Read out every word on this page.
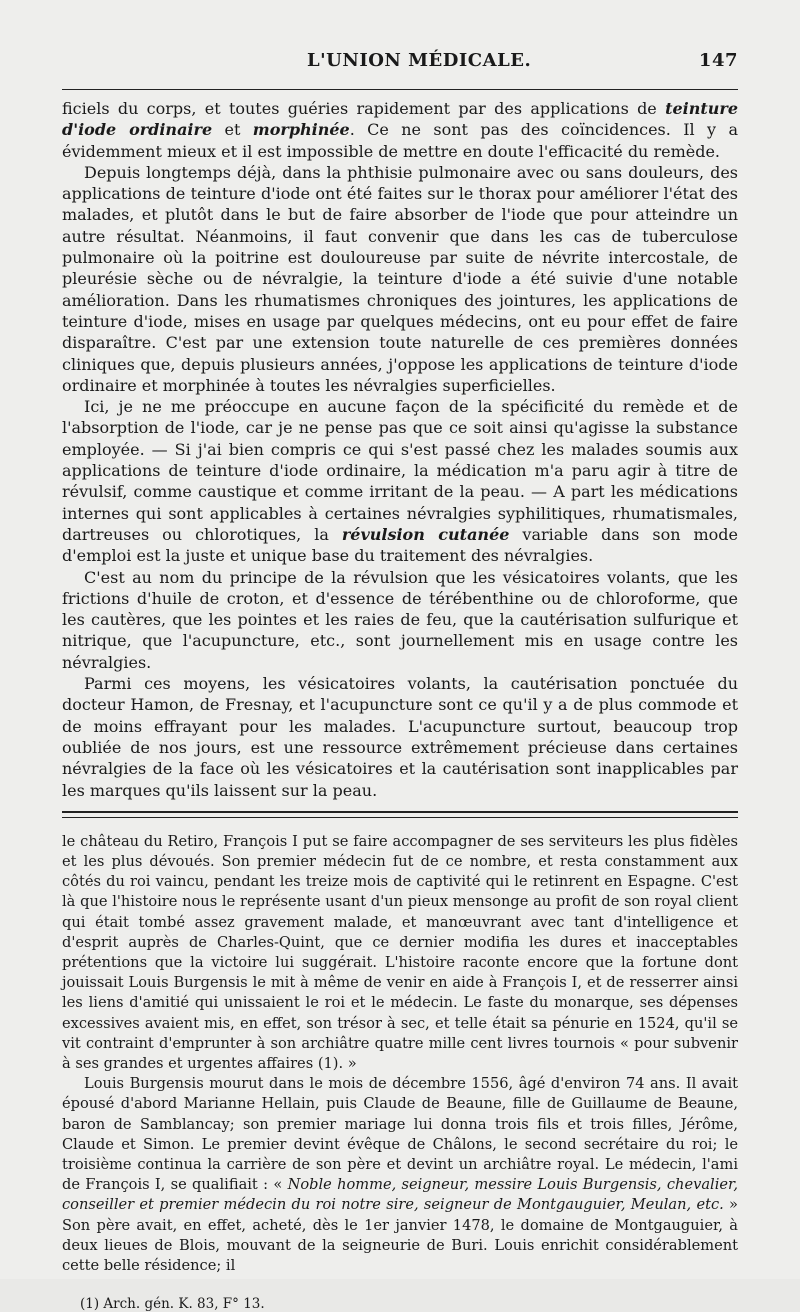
L'UNION MÉDICALE.	147

ficiels du corps, et toutes guéries rapidement par des applications de teinture d'iode ordinaire et morphinée. Ce ne sont pas des coïncidences. Il y a évidemment mieux et il est impossible de mettre en doute l'efficacité du remède.

Depuis longtemps déjà, dans la phthisie pulmonaire avec ou sans douleurs, des applications de teinture d'iode ont été faites sur le thorax pour améliorer l'état des malades, et plutôt dans le but de faire absorber de l'iode que pour atteindre un autre résultat. Néanmoins, il faut convenir que dans les cas de tuberculose pulmonaire où la poitrine est douloureuse par suite de névrite intercostale, de pleurésie sèche ou de névralgie, la teinture d'iode a été suivie d'une notable amélioration. Dans les rhumatismes chroniques des jointures, les applications de teinture d'iode, mises en usage par quelques médecins, ont eu pour effet de faire disparaître. C'est par une extension toute naturelle de ces premières données cliniques que, depuis plusieurs années, j'oppose les applications de teinture d'iode ordinaire et morphinée à toutes les névralgies superficielles.

Ici, je ne me préoccupe en aucune façon de la spécificité du remède et de l'absorption de l'iode, car je ne pense pas que ce soit ainsi qu'agisse la substance employée. — Si j'ai bien compris ce qui s'est passé chez les malades soumis aux applications de teinture d'iode ordinaire, la médication m'a paru agir à titre de révulsif, comme caustique et comme irritant de la peau. — A part les médications internes qui sont applicables à certaines névralgies syphilitiques, rhumatismales, dartreuses ou chlorotiques, la révulsion cutanée variable dans son mode d'emploi est la juste et unique base du traitement des névralgies.

C'est au nom du principe de la révulsion que les vésicatoires volants, que les frictions d'huile de croton, et d'essence de térébenthine ou de chloroforme, que les cautères, que les pointes et les raies de feu, que la cautérisation sulfurique et nitrique, que l'acupuncture, etc., sont journellement mis en usage contre les névralgies.

Parmi ces moyens, les vésicatoires volants, la cautérisation ponctuée du docteur Hamon, de Fresnay, et l'acupuncture sont ce qu'il y a de plus commode et de moins effrayant pour les malades. L'acupuncture surtout, beaucoup trop oubliée de nos jours, est une ressource extrêmement précieuse dans certaines névralgies de la face où les vésicatoires et la cautérisation sont inapplicables par les marques qu'ils laissent sur la peau.

le château du Retiro, François I put se faire accompagner de ses serviteurs les plus fidèles et les plus dévoués. Son premier médecin fut de ce nombre, et resta constamment aux côtés du roi vaincu, pendant les treize mois de captivité qui le retinrent en Espagne. C'est là que l'histoire nous le représente usant d'un pieux mensonge au profit de son royal client qui était tombé assez gravement malade, et manœuvrant avec tant d'intelligence et d'esprit auprès de Charles-Quint, que ce dernier modifia les dures et inacceptables prétentions que la victoire lui suggérait. L'histoire raconte encore que la fortune dont jouissait Louis Burgensis le mit à même de venir en aide à François I, et de resserrer ainsi les liens d'amitié qui unissaient le roi et le médecin. Le faste du monarque, ses dépenses excessives avaient mis, en effet, son trésor à sec, et telle était sa pénurie en 1524, qu'il se vit contraint d'emprunter à son archiâtre quatre mille cent livres tournois « pour subvenir à ses grandes et urgentes affaires (1). »

Louis Burgensis mourut dans le mois de décembre 1556, âgé d'environ 74 ans. Il avait épousé d'abord Marianne Hellain, puis Claude de Beaune, fille de Guillaume de Beaune, baron de Samblancay; son premier mariage lui donna trois fils et trois filles, Jérôme, Claude et Simon. Le premier devint évêque de Châlons, le second secrétaire du roi; le troisième continua la carrière de son père et devint un archiâtre royal. Le médecin, l'ami de François I, se qualifiait : « Noble homme, seigneur, messire Louis Burgensis, chevalier, conseiller et premier médecin du roi notre sire, seigneur de Montgauguier, Meulan, etc. » Son père avait, en effet, acheté, dès le 1er janvier 1478, le domaine de Montgauguier, à deux lieues de Blois, mouvant de la seigneurie de Buri. Louis enrichit considérablement cette belle résidence; il

(1) Arch. gén. K. 83, F° 13.
